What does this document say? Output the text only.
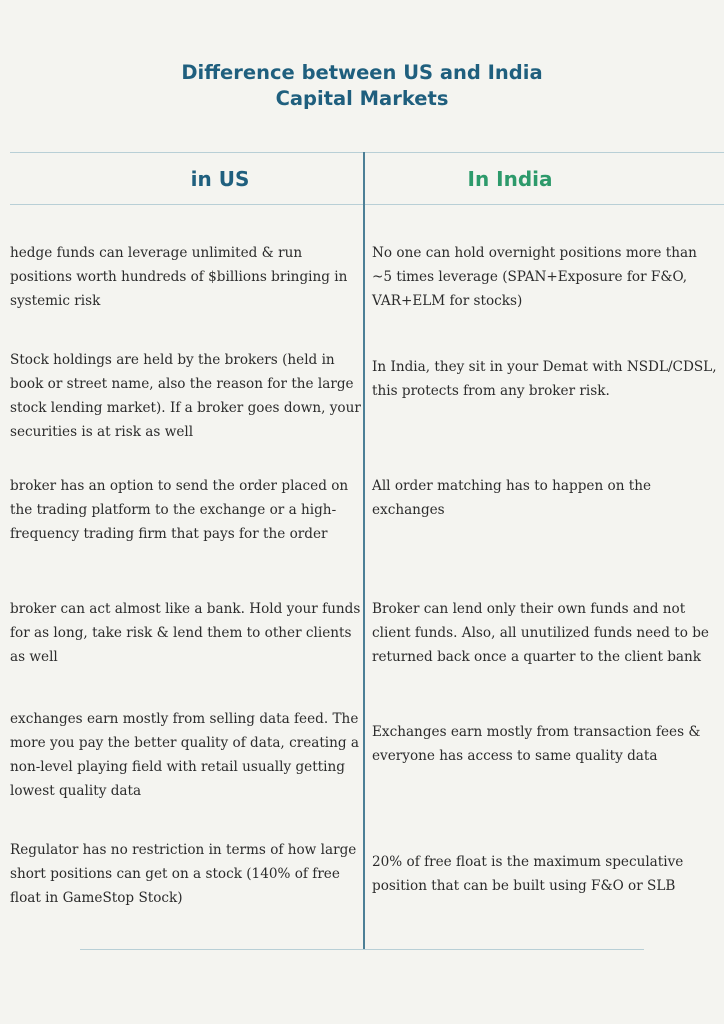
Difference between US and India
Capital Markets
in US	In India
hedge funds can leverage unlimited & run positions worth hundreds of $billions bringing in systemic risk
No one can hold overnight positions more than ~5 times leverage (SPAN+Exposure for F&O, VAR+ELM for stocks)
Stock holdings are held by the brokers (held in book or street name, also the reason for the large stock lending market). If a broker goes down, your securities is at risk as well
In India, they sit in your Demat with NSDL/CDSL, this protects from any broker risk.
broker has an option to send the order placed on the trading platform to the exchange or a high-frequency trading firm that pays for the order
All order matching has to happen on the exchanges
broker can act almost like a bank. Hold your funds for as long, take risk & lend them to other clients as well
Broker can lend only their own funds and not client funds. Also, all unutilized funds need to be returned back once a quarter to the client bank
exchanges earn mostly from selling data feed. The more you pay the better quality of data, creating a non-level playing field with retail usually getting lowest quality data
Exchanges earn mostly from transaction fees & everyone has access to same quality data
Regulator has no restriction in terms of how large short positions can get on a stock (140% of free float in GameStop Stock)
20% of free float is the maximum speculative position that can be built using F&O or SLB
